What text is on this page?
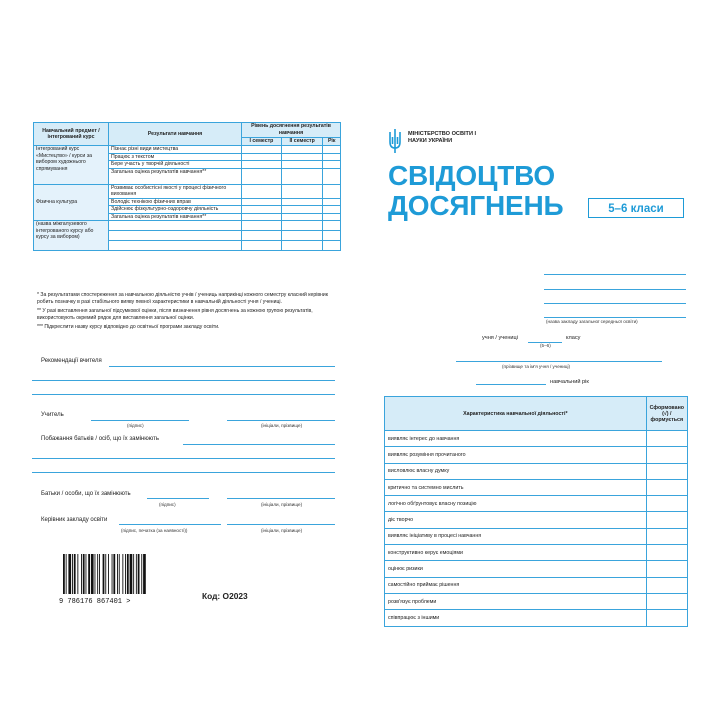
Навчальний предмет / інтегрований курс	Результати навчання	Рівень досягнення результатів навчання		
		І семестр	ІІ семестр	Рік
Інтегрований курс «Мистецтво» / курси за вибором художнього спрямування	Пізнає різні види мистецтва			
	Працює з текстом			
	Бере участь у творчій діяльності			
	Загальна оцінка результатів навчання**			
Фізична культура	Розвиває особистісні якості у процесі фізичного виховання			
	Володіє технікою фізичних вправ			
	Здійснює фізкультурно-оздоровчу діяльність			
	Загальна оцінка результатів навчання**			
(назва міжгалузевого інтегрованого курсу або курсу за вибором)				

* За результатами спостереження за навчальною діяльністю учнів / учениць наприкінці кожного семестру класний керівник робить позначку в разі стабільного вияву певної характеристики в навчальній діяльності учня / учениці.

** У разі виставлення загальної підсумкової оцінки, після визначення рівня досягнень за кожною групою результатів, використовують окремий рядок для виставлення загальної оцінки.

*** Підкреслити назву курсу відповідно до освітньої програми закладу освіти.

Рекомендації вчителя
Учитель
(підпис)	(ініціали, прізвище)
Побажання батьків / осіб, що їх замінюють
Батьки / особи, що їх замінюють
(підпис)	(ініціали, прізвище)
Керівник закладу освіти
(підпис, печатка (за наявності))	(ініціали, прізвище)
9 786176 867401 >
Код: О2023
МІНІСТЕРСТВО ОСВІТИ І НАУКИ УКРАЇНИ
СВІДОЦТВО
ДОСЯГНЕНЬ	5–6 класи
(назва закладу загальної середньої освіти)
учня / учениці	класу
(5–6)
(прізвище та ім'я учня / учениці)
навчальний рік
Характеристика навчальної діяльності*	Сформовано (√) / формується
виявляє інтерес до навчання	
виявляє розуміння прочитаного	
висловлює власну думку	
критично та системно мислить	
логічно обґрунтовує власну позицію	
діє творчо	
виявляє ініціативу в процесі навчання	
конструктивно керує емоціями	
оцінює ризики	
самостійно приймає рішення	
розв'язує проблеми	
співпрацює з іншими	
